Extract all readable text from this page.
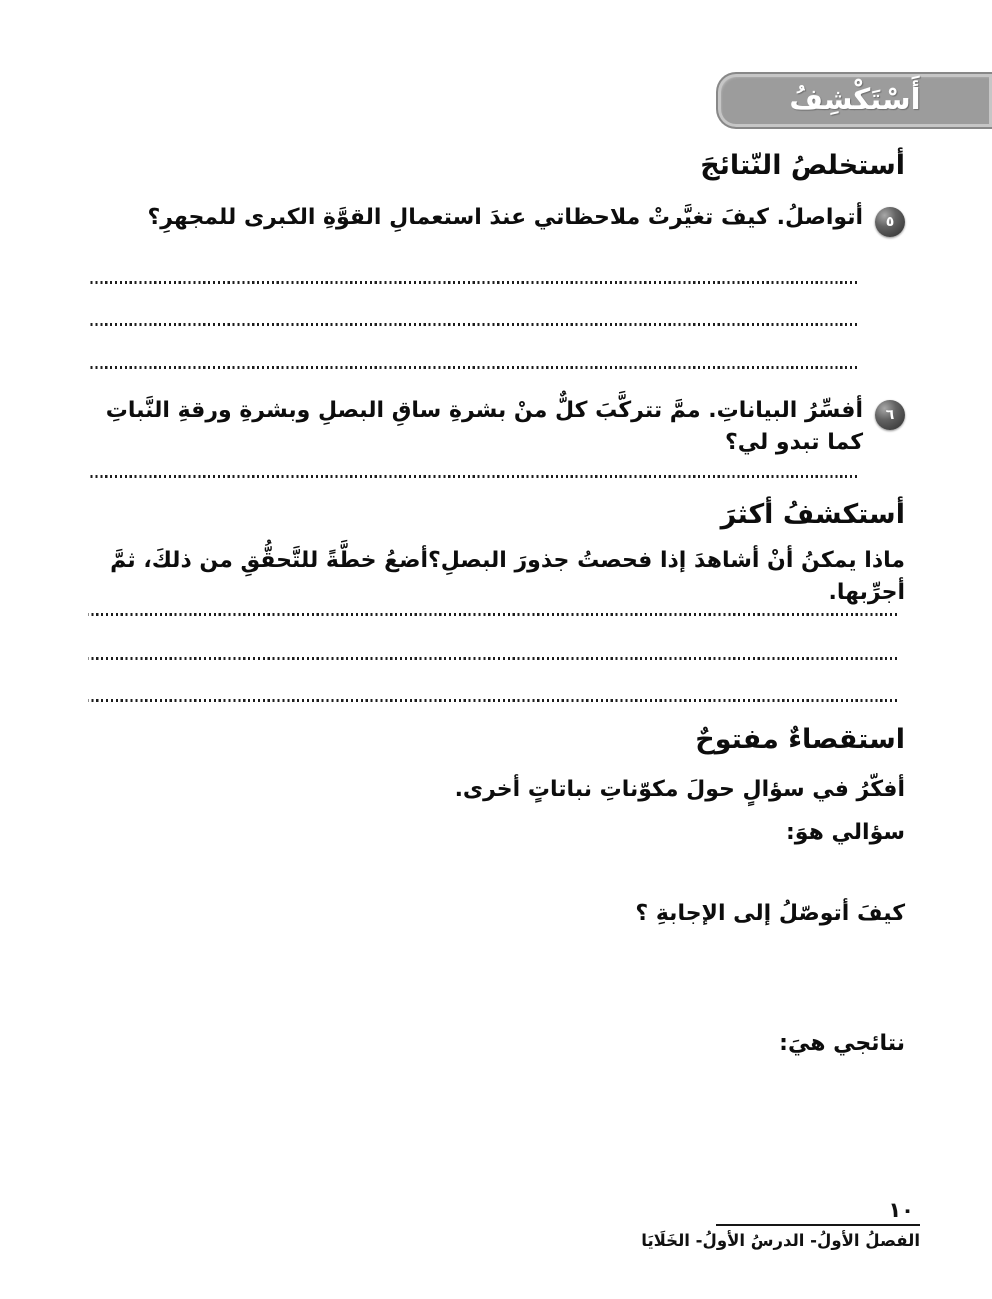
أَسْتَكْشِفُ
أستخلصُ النّتائجَ
٥
أتواصلُ. كيفَ تغيَّرتْ ملاحظاتي عندَ استعمالِ القوَّةِ الكبرى للمجهرِ؟
٦
أفسِّرُ البياناتِ. ممَّ تتركَّبَ كلٌّ منْ بشرةِ ساقِ البصلِ وبشرةِ ورقةِ النَّباتِ كما تبدو لي؟
أستكشفُ أكثرَ
ماذا يمكنُ أنْ أشاهدَ إذا فحصتُ جذورَ البصلِ؟أضعُ خطَّةً للتَّحقُّقِ من ذلكَ، ثمَّ أجرِّبها.
استقصاءٌ مفتوحٌ
أفكّرُ في سؤالٍ حولَ مكوّناتِ نباتاتٍ أخرى.
سؤالي هوَ:
كيفَ أتوصّلُ إلى الإجابةِ ؟
نتائجي هيَ:
١٠
الفصلُ الأولُ- الدرسُ الأولُ- الخَلَايَا
